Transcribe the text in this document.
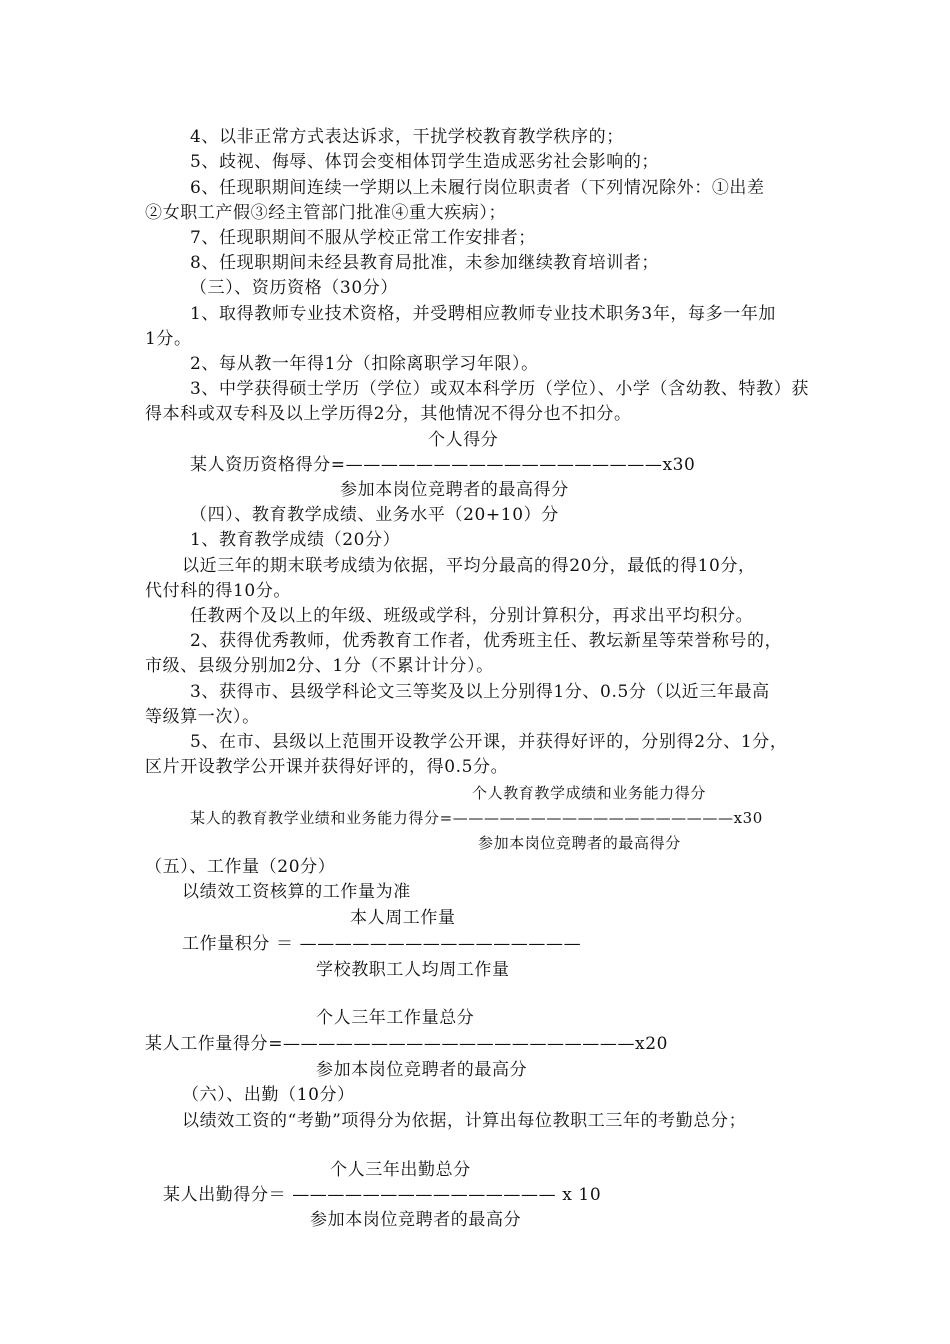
4、以非正常方式表达诉求，干扰学校教育教学秩序的；
5、歧视、侮辱、体罚会变相体罚学生造成恶劣社会影响的；
6、任现职期间连续一学期以上未履行岗位职责者（下列情况除外：①出差
②女职工产假③经主管部门批准④重大疾病）；
7、任现职期间不服从学校正常工作安排者；
8、任现职期间未经县教育局批准，未参加继续教育培训者；
（三）、资历资格（30分）
1、取得教师专业技术资格，并受聘相应教师专业技术职务3年，每多一年加
1分。
2、每从教一年得1分（扣除离职学习年限）。
3、中学获得硕士学历（学位）或双本科学历（学位）、小学（含幼教、特教）获
得本科或双专科及以上学历得2分，其他情况不得分也不扣分。
个人得分
某人资历资格得分=——————————————————x30
参加本岗位竞聘者的最高得分
（四）、教育教学成绩、业务水平（20+10）分
1、教育教学成绩（20分）
以近三年的期末联考成绩为依据，平均分最高的得20分，最低的得10分，
代付科的得10分。
任教两个及以上的年级、班级或学科，分别计算积分，再求出平均积分。
2、获得优秀教师，优秀教育工作者，优秀班主任、教坛新星等荣誉称号的，
市级、县级分别加2分、1分（不累计计分）。
3、获得市、县级学科论文三等奖及以上分别得1分、0.5分（以近三年最高
等级算一次）。
5、在市、县级以上范围开设教学公开课，并获得好评的，分别得2分、1分，
区片开设教学公开课并获得好评的，得0.5分。
个人教育教学成绩和业务能力得分
某人的教育教学业绩和业务能力得分=——————————————————x30
参加本岗位竞聘者的最高得分
（五）、工作量（20分）
以绩效工资核算的工作量为准
本人周工作量
工作量积分 ＝ ————————————————
学校教职工人均周工作量
个人三年工作量总分
某人工作量得分=————————————————————x20
参加本岗位竞聘者的最高分
（六）、出勤（10分）
以绩效工资的“考勤”项得分为依据，计算出每位教职工三年的考勤总分；
个人三年出勤总分
某人出勤得分＝ ——————————————— x 10
参加本岗位竞聘者的最高分
